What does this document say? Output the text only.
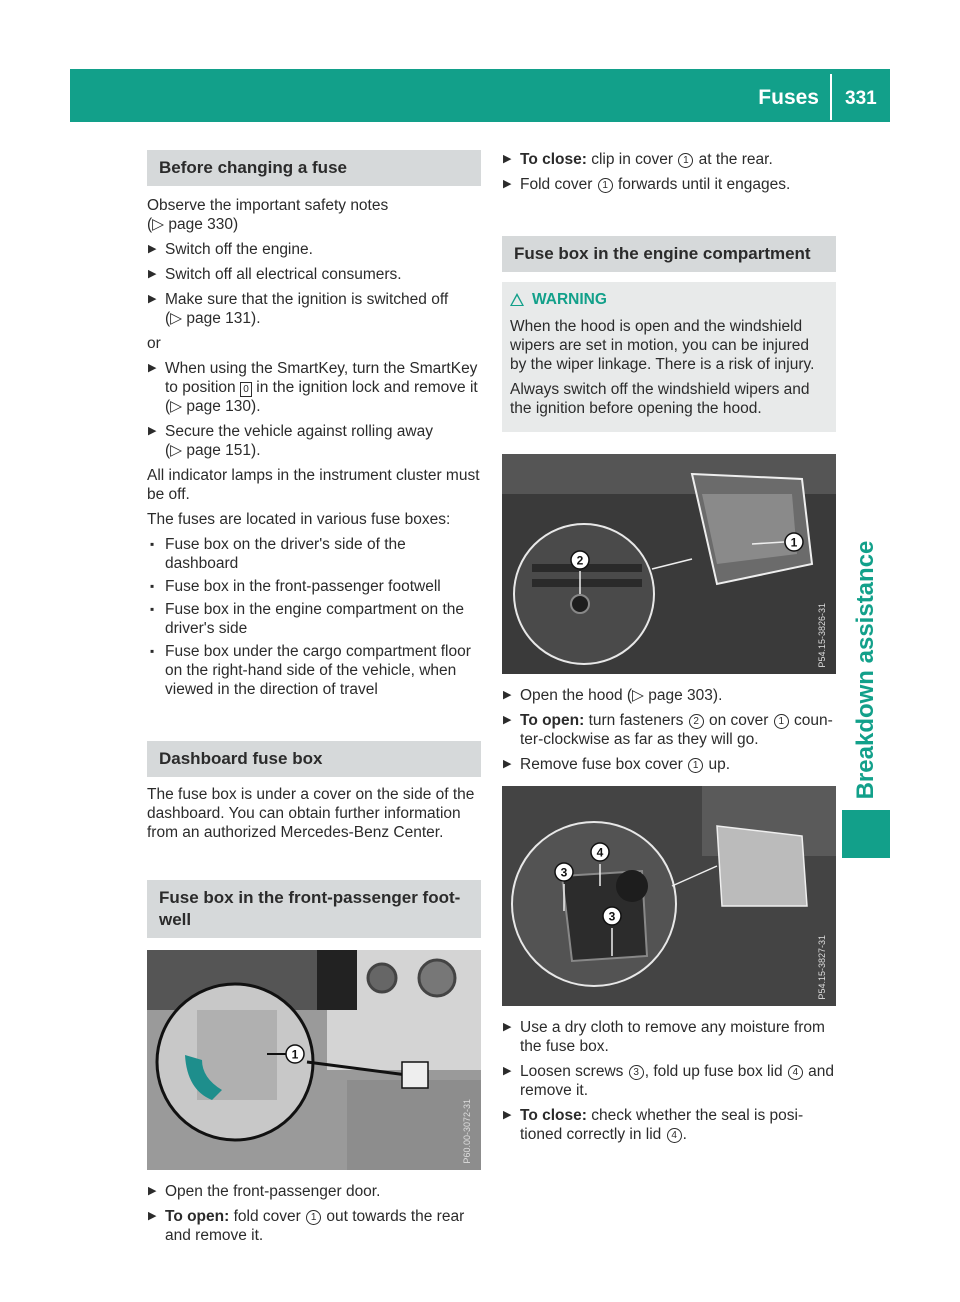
Fuses 331
Breakdown assistance
Before changing a fuse

Observe the important safety notes
(▷ page 330)

▶ Switch off the engine.
▶ Switch off all electrical consumers.
▶ Make sure that the ignition is switched off
(▷ page 131).

or

▶ When using the SmartKey, turn the SmartKey to position 0 in the ignition lock and remove it (▷ page 130).
▶ Secure the vehicle against rolling away
(▷ page 151).

All indicator lamps in the instrument cluster must be off.

The fuses are located in various fuse boxes:

▪ Fuse box on the driver's side of the dashboard
▪ Fuse box in the front-passenger footwell
▪ Fuse box in the engine compartment on the driver's side
▪ Fuse box under the cargo compartment floor on the right-hand side of the vehicle, when viewed in the direction of travel
Dashboard fuse box

The fuse box is under a cover on the side of the dashboard. You can obtain further information from an authorized Mercedes-Benz Center.

Fuse box in the front-passenger foot-well
1
P60.00-3072-31
▶ Open the front-passenger door.
▶ To open: fold cover 1 out towards the rear and remove it.
▶ To close: clip in cover 1 at the rear.
▶ Fold cover 1 forwards until it engages.
Fuse box in the engine compartment
WARNING

When the hood is open and the windshield wipers are set in motion, you can be injured by the wiper linkage. There is a risk of injury.

Always switch off the windshield wipers and the ignition before opening the hood.

2
1
P54.15-3826-31
▶ Open the hood (▷ page 303).
▶ To open: turn fasteners 2 on cover 1 coun-ter-clockwise as far as they will go.
▶ Remove fuse box cover 1 up.
3
4
3
P54.15-3827-31
▶ Use a dry cloth to remove any moisture from the fuse box.
▶ Loosen screws 3 , fold up fuse box lid 4 and remove it.
▶ To close: check whether the seal is posi-tioned correctly in lid 4 .
